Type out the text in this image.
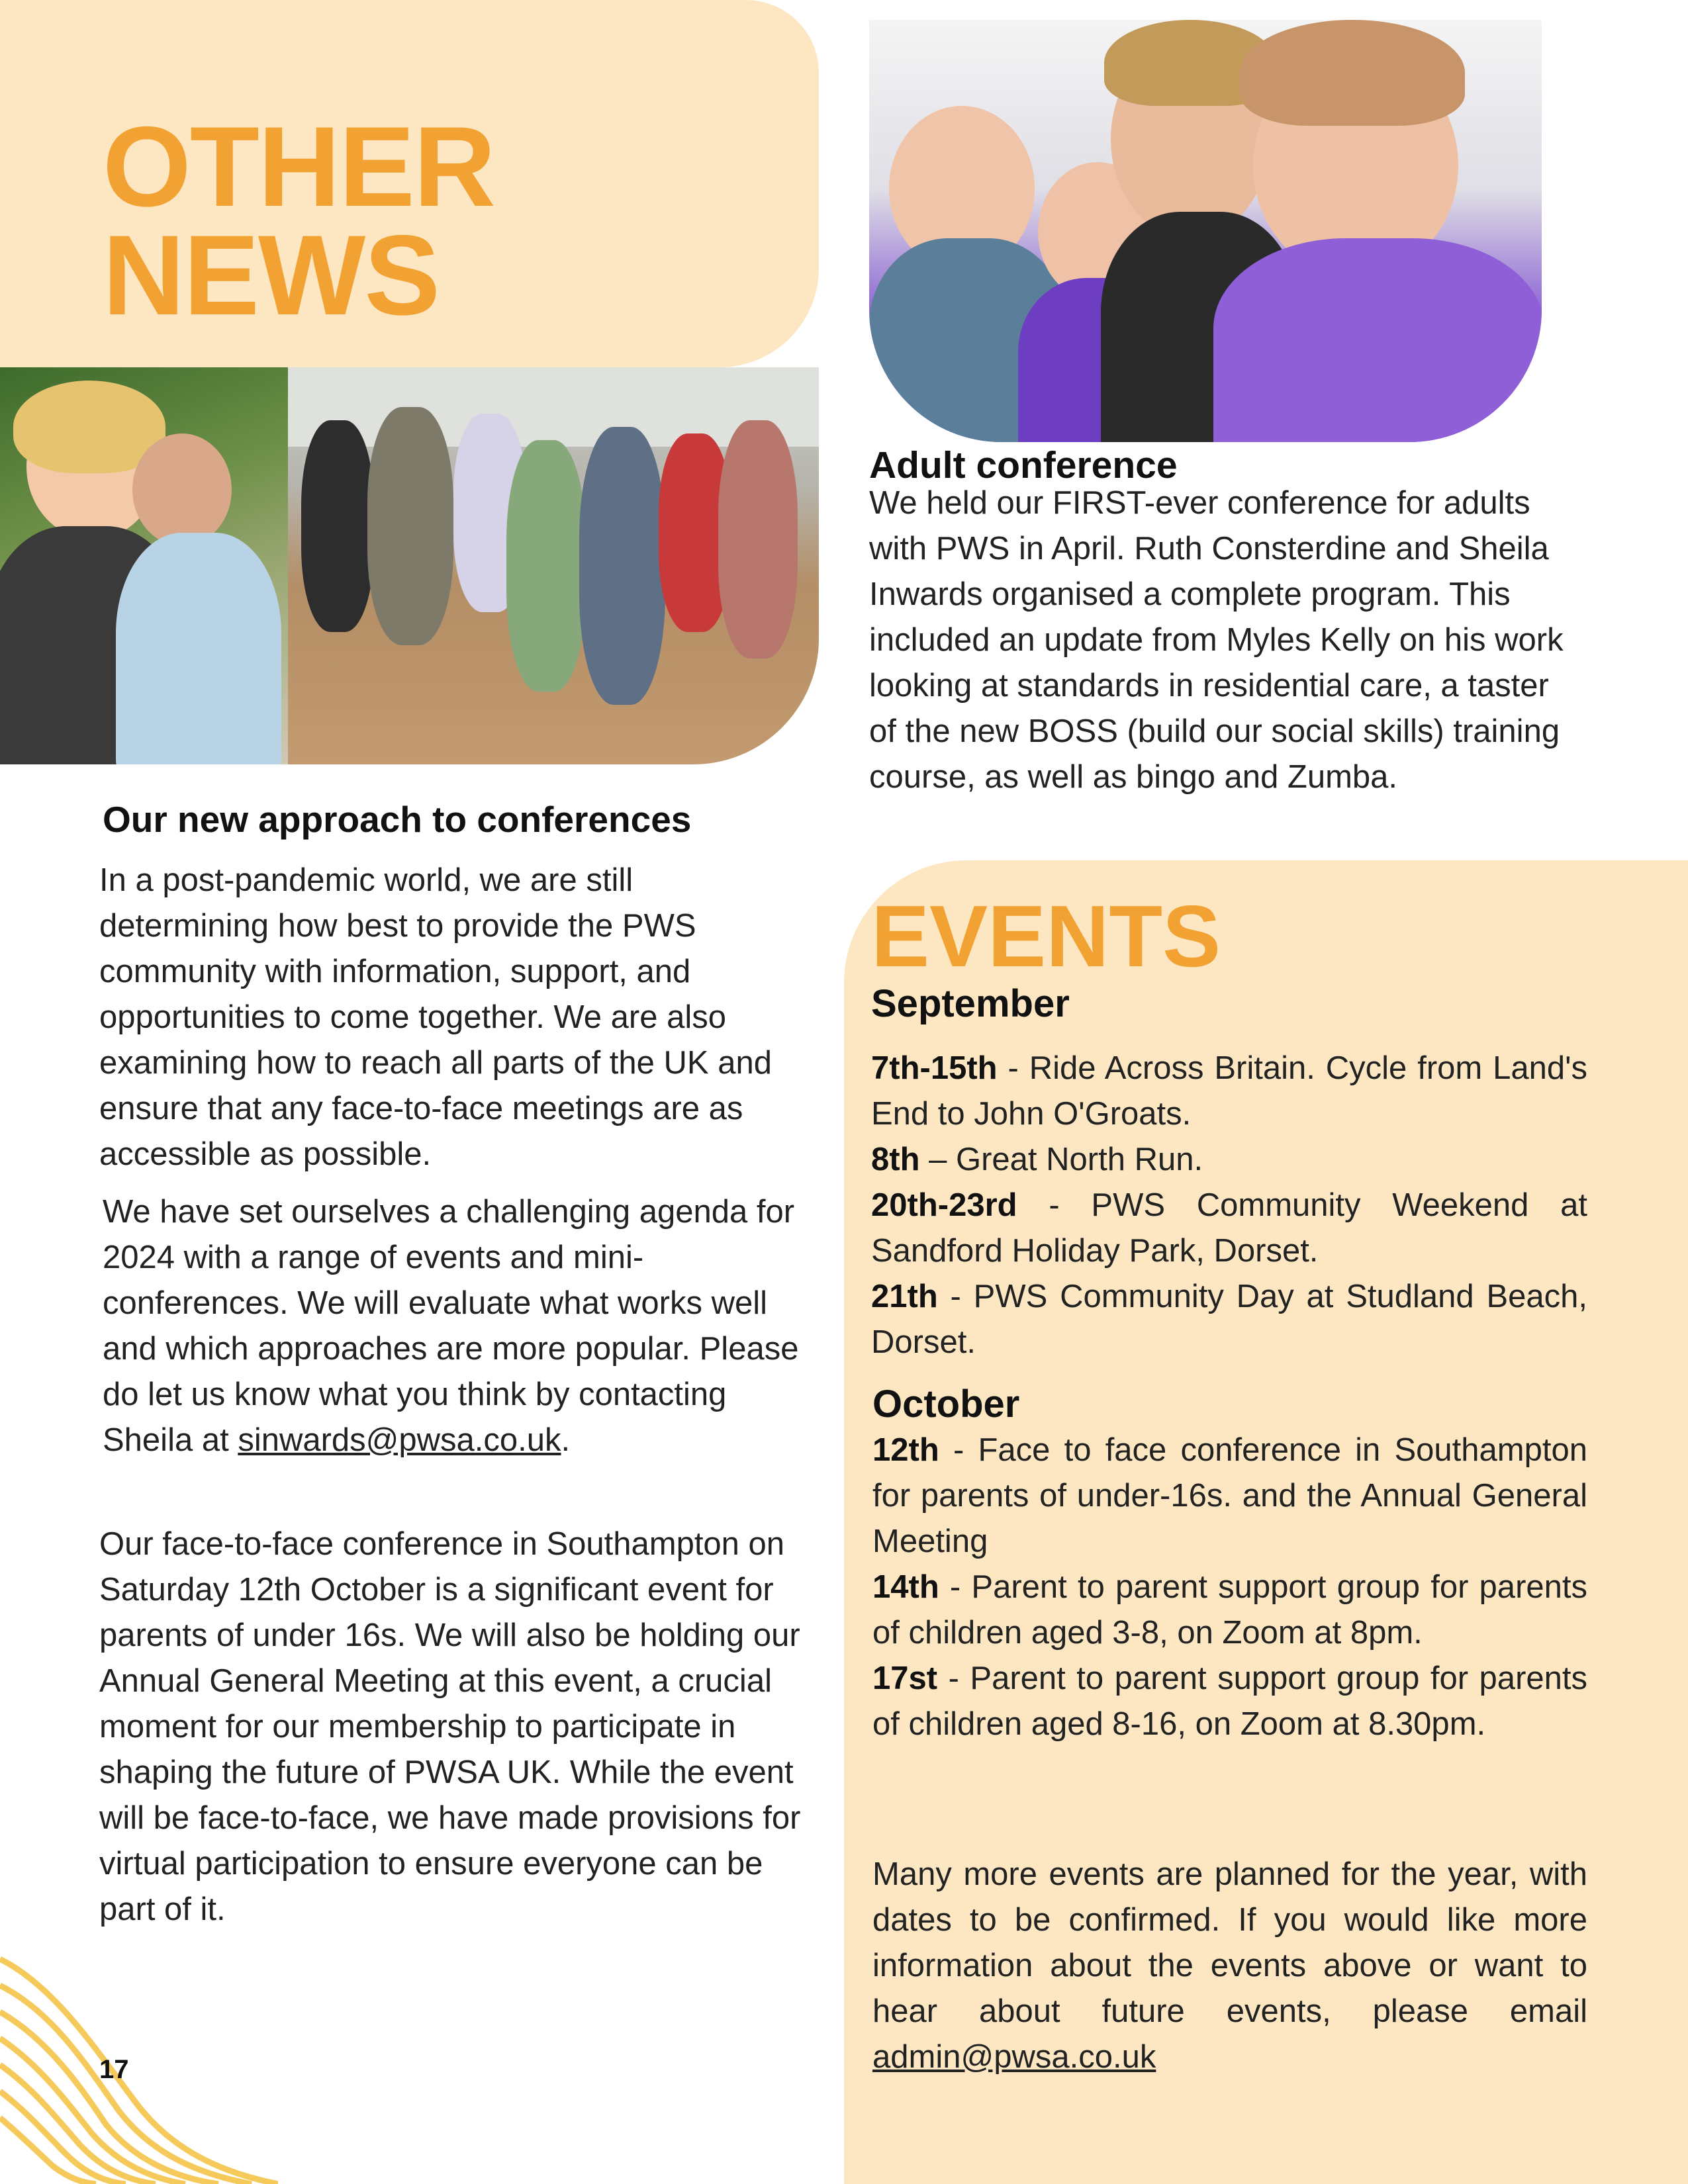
OTHER
NEWS
Our new approach to conferences

In a post-pandemic world, we are still determining how best to provide the PWS community with information, support, and opportunities to come together. We are also examining how to reach all parts of the UK and ensure that any face-to-face meetings are as accessible as possible.

We have set ourselves a challenging agenda for 2024 with a range of events and mini-conferences. We will evaluate what works well and which approaches are more popular. Please do let us know what you think by contacting Sheila at sinwards@pwsa.co.uk.

Our face-to-face conference in Southampton on Saturday 12th October is a significant event for parents of under 16s. We will also be holding our Annual General Meeting at this event, a crucial moment for our membership to participate in shaping the future of PWSA UK. While the event will be face-to-face, we have made provisions for virtual participation to ensure everyone can be part of it.

Adult conference

We held our FIRST-ever conference for adults with PWS in April. Ruth Consterdine and Sheila Inwards organised a complete program. This included an update from Myles Kelly on his work looking at standards in residential care, a taster of the new BOSS (build our social skills) training course, as well as bingo and Zumba.

EVENTS
September

7th-15th - Ride Across Britain. Cycle from Land's End to John O'Groats.

8th – Great North Run.

20th-23rd - PWS Community Weekend at Sandford Holiday Park, Dorset.

21th - PWS Community Day at Studland Beach, Dorset.

October

12th - Face to face conference in Southampton for parents of under-16s. and the Annual General Meeting

14th - Parent to parent support group for parents of children aged 3-8, on Zoom at 8pm.

17st - Parent to parent support group for parents of children aged 8-16, on Zoom at 8.30pm.

Many more events are planned for the year, with dates to be confirmed. If you would like more information about the events above or want to hear about future events, please email admin@pwsa.co.uk

17
